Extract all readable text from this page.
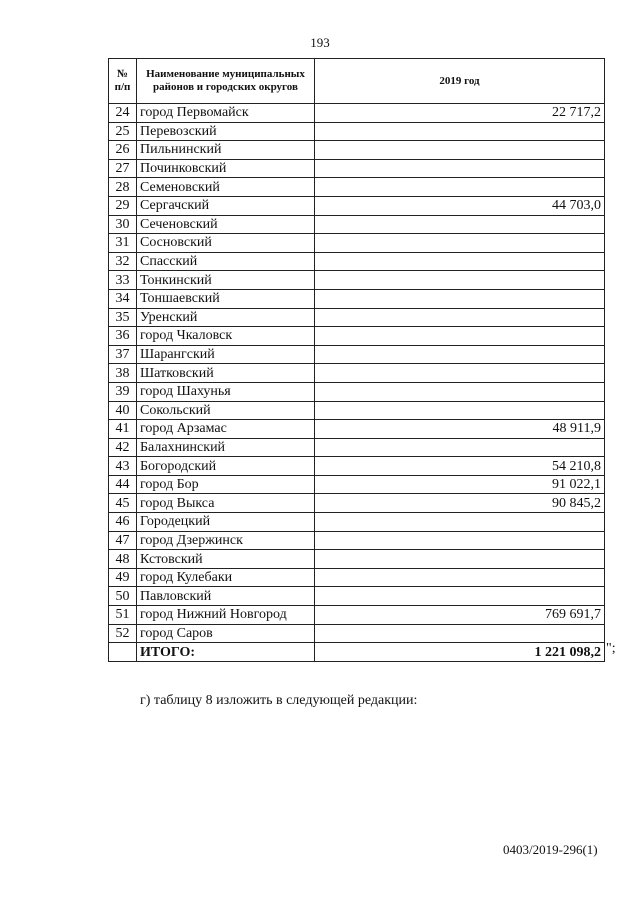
193
№ п/п	Наименование муниципальных районов и городских округов	2019 год
24	город Первомайск	22 717,2
25	Перевозский	
26	Пильнинский	
27	Починковский	
28	Семеновский	
29	Сергачский	44 703,0
30	Сеченовский	
31	Сосновский	
32	Спасский	
33	Тонкинский	
34	Тоншаевский	
35	Уренский	
36	город Чкаловск	
37	Шарангский	
38	Шатковский	
39	город Шахунья	
40	Сокольский	
41	город Арзамас	48 911,9
42	Балахнинский	
43	Богородский	54 210,8
44	город Бор	91 022,1
45	город Выкса	90 845,2
46	Городецкий	
47	город Дзержинск	
48	Кстовский	
49	город Кулебаки	
50	Павловский	
51	город Нижний Новгород	769 691,7
52	город Саров	
	ИТОГО:	1 221 098,2 ";
г) таблицу 8 изложить в следующей редакции:
0403/2019-296(1)
